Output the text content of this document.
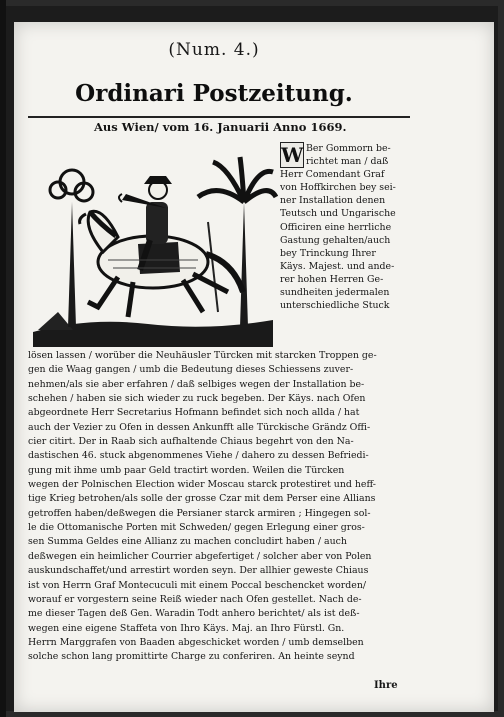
(Num. 4.)
Ordinari Postzeitung.
Aus Wien/ vom 16. Januarii Anno 1669.
W Ber Gommorn be-
richtet man / daß
Herr Comendant Graf
von Hoffkirchen bey sei-
ner Installation denen
Teutsch und Ungarische
Officiren eine herrliche
Gastung gehalten/auch
bey Trinckung Ihrer
Käys. Majest. und ande-
rer hohen Herren Ge-
sundheiten jedermalen
unterschiedliche Stuck
lösen lassen / worüber die Neuhäusler Türcken mit starcken Troppen ge-
gen die Waag gangen / umb die Bedeutung dieses Schiessens zuver-
nehmen/als sie aber erfahren / daß selbiges wegen der Installation be-
schehen / haben sie sich wieder zu ruck begeben. Der Käys. nach Ofen
abgeordnete Herr Secretarius Hofmann befindet sich noch allda / hat
auch der Vezier zu Ofen in dessen Ankunfft alle Türckische Grändz Offi-
cier citirt. Der in Raab sich aufhaltende Chiaus begehrt von den Na-
dastischen 46. stuck abgenommenes Viehe / dahero zu dessen Befriedi-
gung mit ihme umb paar Geld tractirt worden. Weilen die Türcken
wegen der Polnischen Election wider Moscau starck protestiret und heff-
tige Krieg betrohen/als solle der grosse Czar mit dem Perser eine Allians
getroffen haben/deßwegen die Persianer starck armiren ; Hingegen sol-
le die Ottomanische Porten mit Schweden/ gegen Erlegung einer gros-
sen Summa Geldes eine Allianz zu machen concludirt haben / auch
deßwegen ein heimlicher Courrier abgefertiget / solcher aber von Polen
auskundschaffet/und arrestirt worden seyn. Der allhier geweste Chiaus
ist von Herrn Graf Montecuculi mit einem Poccal beschencket worden/
worauf er vorgestern seine Reiß wieder nach Ofen gestellet. Nach de-
me dieser Tagen deß Gen. Waradin Todt anhero berichtet/ als ist deß-
wegen eine eigene Staffeta von Ihro Käys. Maj. an Ihro Fürstl. Gn.
Herrn Marggrafen von Baaden abgeschicket worden / umb demselben
solche schon lang promittirte Charge zu conferiren. An heinte seynd
Ihre
